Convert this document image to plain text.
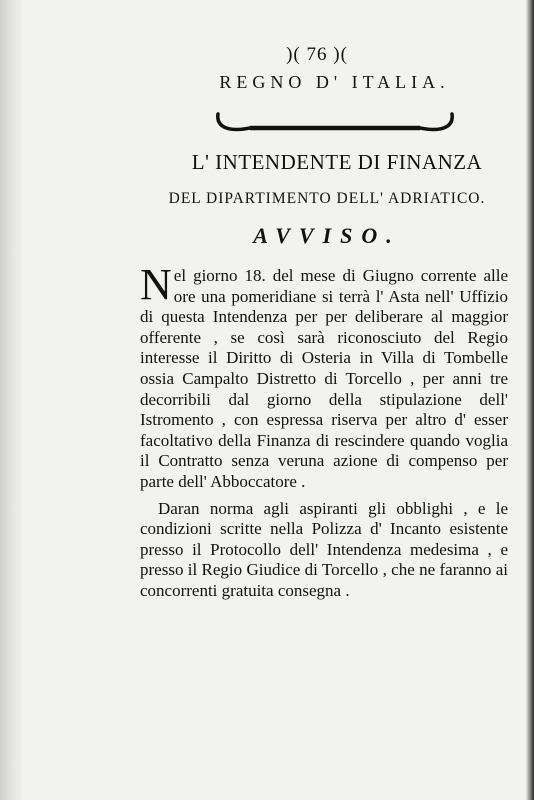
)( 76 )(
REGNO D' ITALIA.
L' INTENDENTE DI FINANZA
DEL DIPARTIMENTO DELL' ADRIATICO.
AVVISO.

Nel giorno 18. del mese di Giugno corrente alle ore una pomeridiane si terrà l' Asta nell' Uffizio di questa Intendenza per per deliberare al maggior offerente , se così sarà riconosciuto del Regio interesse il Diritto di Osteria in Villa di Tombelle ossia Campalto Distretto di Torcello , per anni tre decorribili dal giorno della stipulazione dell' Istromento , con espressa riserva per altro d' esser facoltativo della Finanza di rescindere quando voglia il Contratto senza veruna azione di compenso per parte dell' Abboccatore .

Daran norma agli aspiranti gli obblighi , e le condizioni scritte nella Polizza d' Incanto esistente presso il Protocollo dell' Intendenza medesima , e presso il Regio Giudice di Torcello , che ne faranno ai concorrenti gratuita consegna .
